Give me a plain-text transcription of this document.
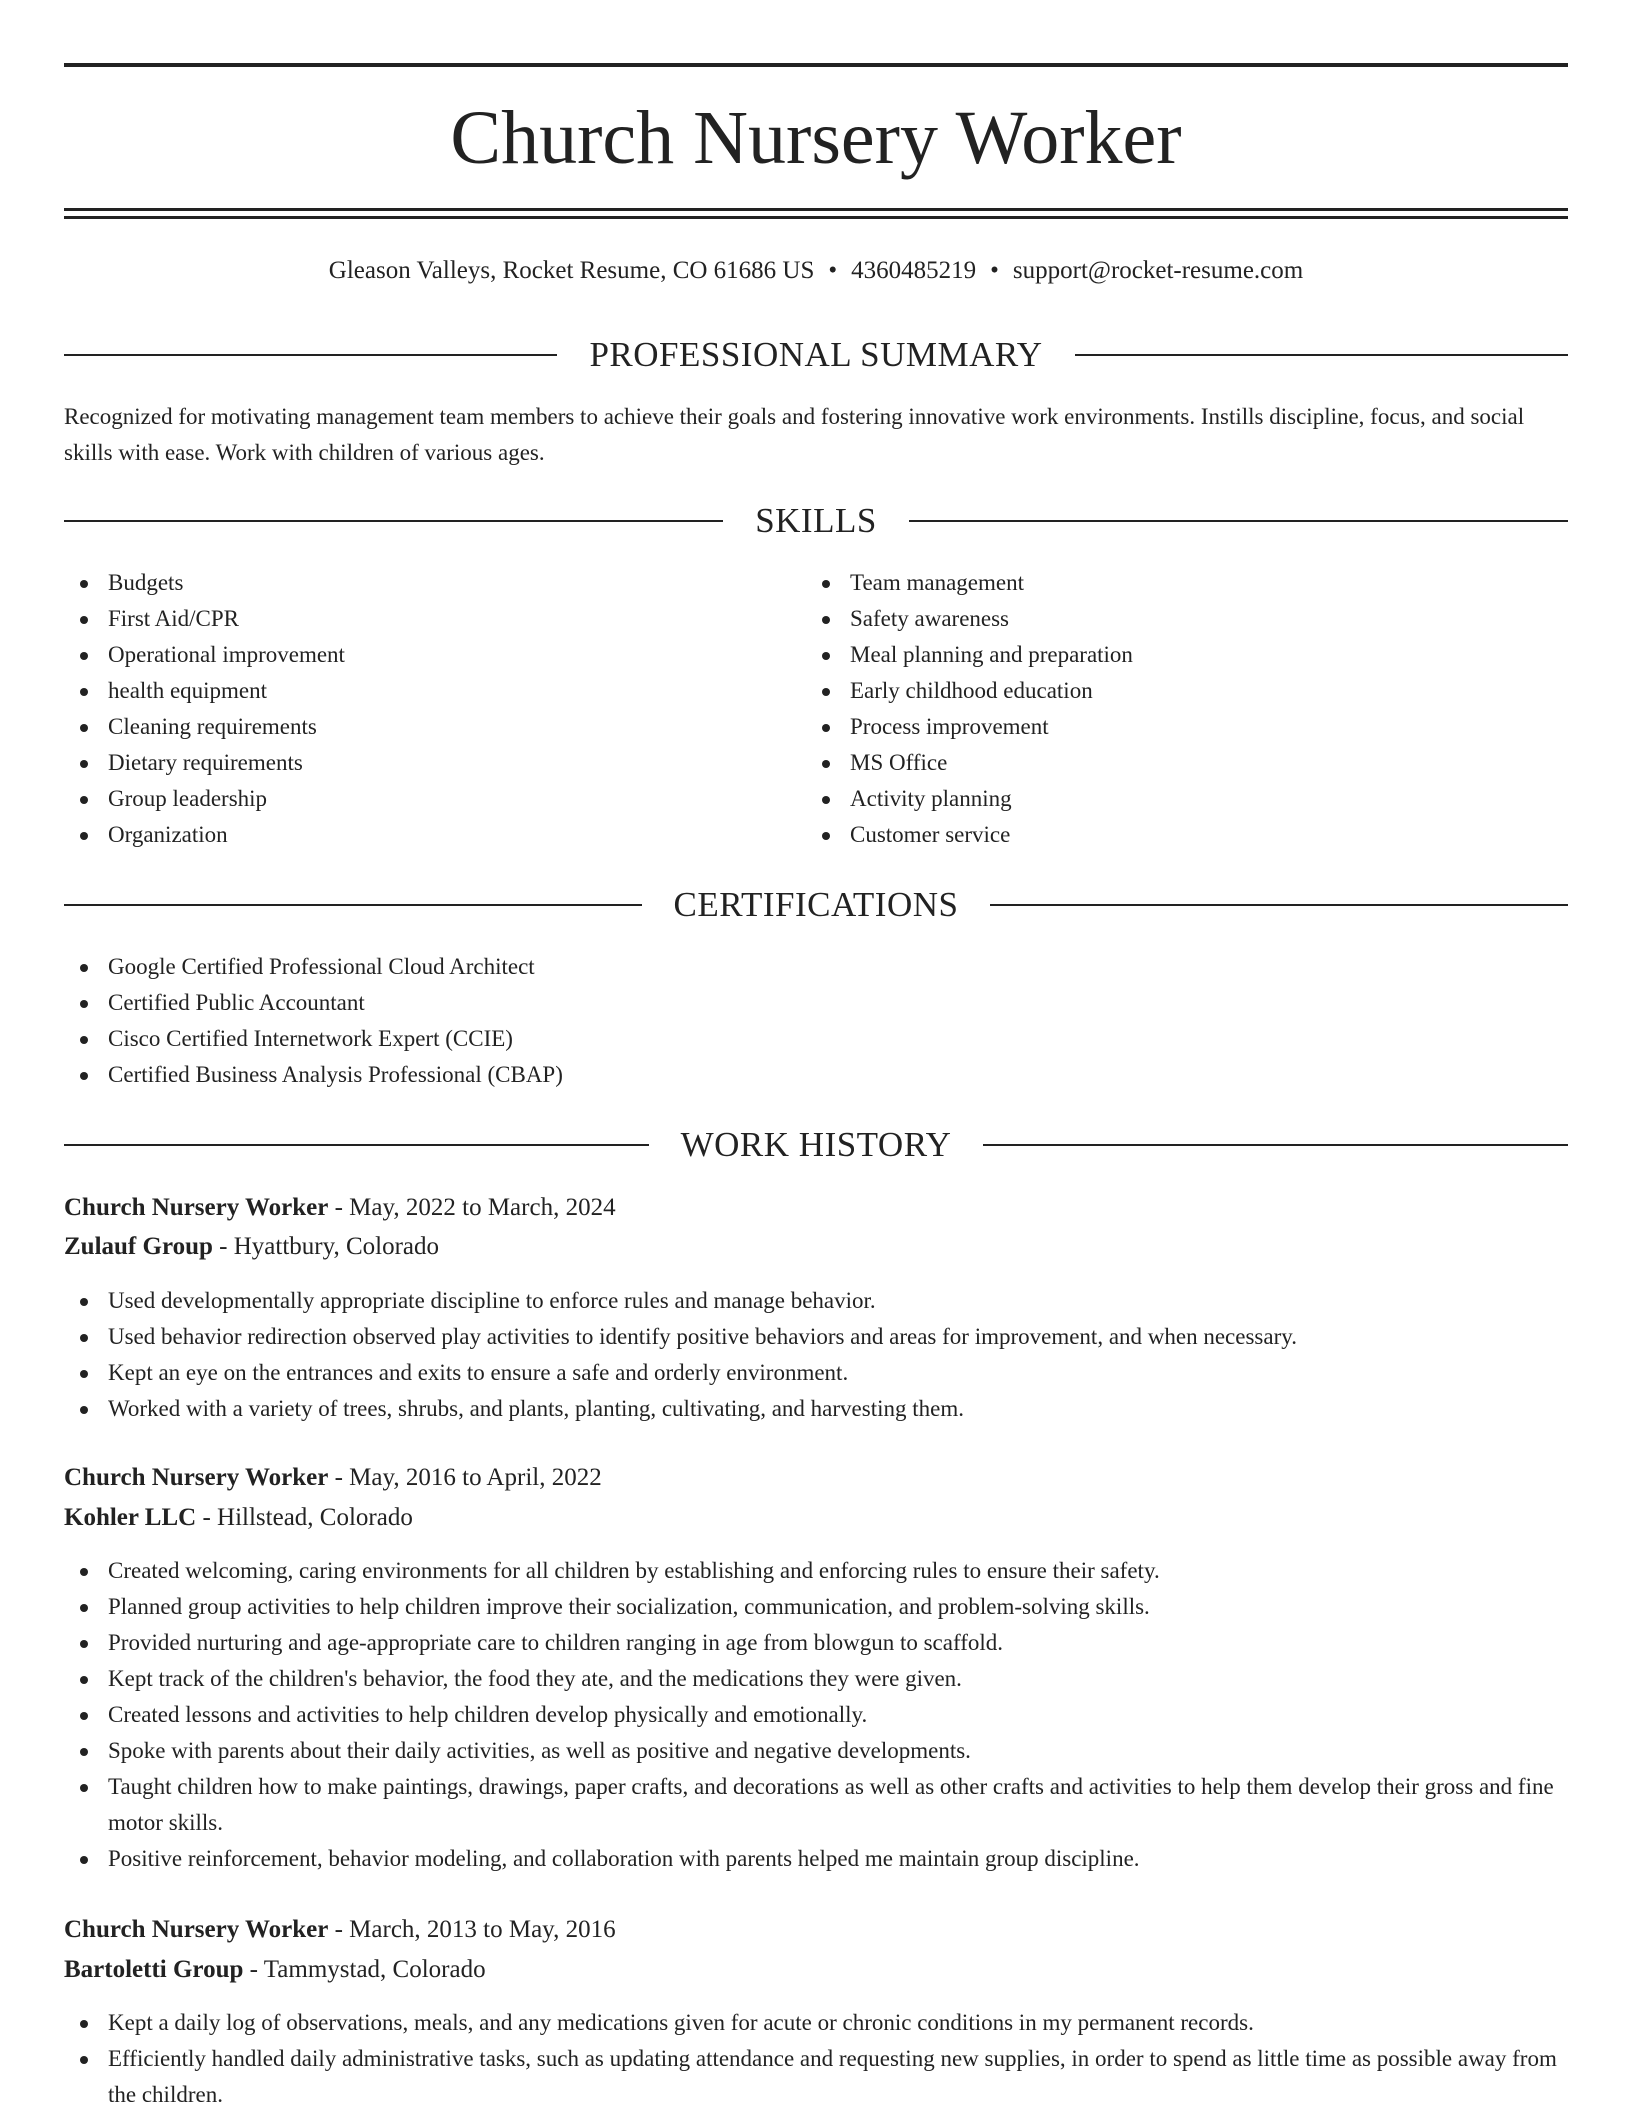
Church Nursery Worker
Gleason Valleys, Rocket Resume, CO 61686 US • 4360485219 • support@rocket-resume.com
PROFESSIONAL SUMMARY
Recognized for motivating management team members to achieve their goals and fostering innovative work environments. Instills discipline, focus, and social skills with ease. Work with children of various ages.
SKILLS
Budgets
First Aid/CPR
Operational improvement
health equipment
Cleaning requirements
Dietary requirements
Group leadership
Organization
Team management
Safety awareness
Meal planning and preparation
Early childhood education
Process improvement
MS Office
Activity planning
Customer service
CERTIFICATIONS
Google Certified Professional Cloud Architect
Certified Public Accountant
Cisco Certified Internetwork Expert (CCIE)
Certified Business Analysis Professional (CBAP)
WORK HISTORY
Church Nursery Worker - May, 2022 to March, 2024
Zulauf Group - Hyattbury, Colorado
Used developmentally appropriate discipline to enforce rules and manage behavior.
Used behavior redirection observed play activities to identify positive behaviors and areas for improvement, and when necessary.
Kept an eye on the entrances and exits to ensure a safe and orderly environment.
Worked with a variety of trees, shrubs, and plants, planting, cultivating, and harvesting them.
Church Nursery Worker - May, 2016 to April, 2022
Kohler LLC - Hillstead, Colorado
Created welcoming, caring environments for all children by establishing and enforcing rules to ensure their safety.
Planned group activities to help children improve their socialization, communication, and problem-solving skills.
Provided nurturing and age-appropriate care to children ranging in age from blowgun to scaffold.
Kept track of the children's behavior, the food they ate, and the medications they were given.
Created lessons and activities to help children develop physically and emotionally.
Spoke with parents about their daily activities, as well as positive and negative developments.
Taught children how to make paintings, drawings, paper crafts, and decorations as well as other crafts and activities to help them develop their gross and fine motor skills.
Positive reinforcement, behavior modeling, and collaboration with parents helped me maintain group discipline.
Church Nursery Worker - March, 2013 to May, 2016
Bartoletti Group - Tammystad, Colorado
Kept a daily log of observations, meals, and any medications given for acute or chronic conditions in my permanent records.
Efficiently handled daily administrative tasks, such as updating attendance and requesting new supplies, in order to spend as little time as possible away from the children.
